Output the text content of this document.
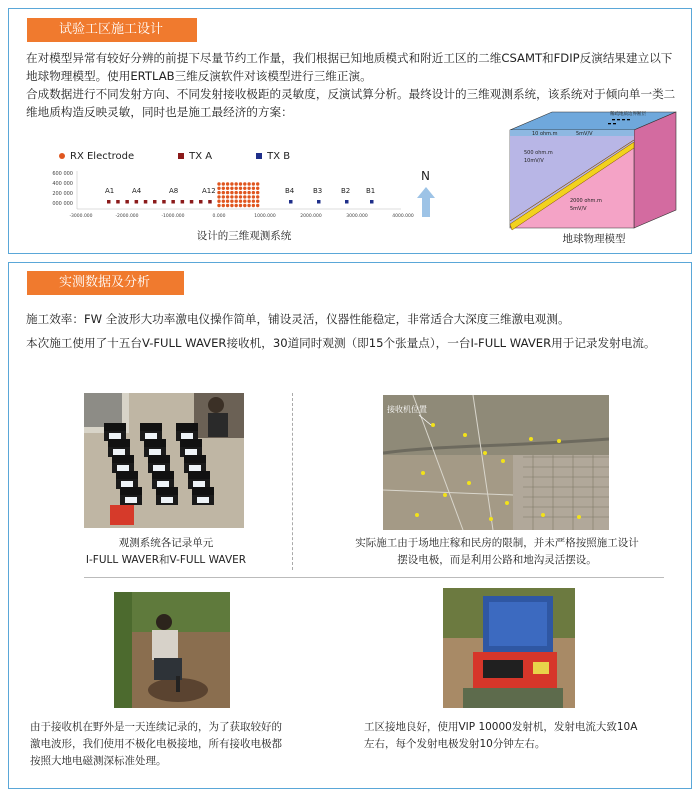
试验工区施工设计

在对模型异常有较好分辨的前提下尽量节约工作量，我们根据已知地质模式和附近工区的二维CSAMT和FDIP反演结果建立以下地球物理模型。使用ERTLAB三维反演软件对该模型进行三维正演。

合成数据进行不同发射方向、不同发射接收极距的灵敏度，反演试算分析。最终设计的三维观测系统，该系统对于倾向单一类二维地质构造反映灵敏，同时也是施工最经济的方案：

RX Electrode	TX A	TX B
600 000
400 000
200 000
000 000
-3000.000	-2000.000	-1000.000	0.000	1000.000	2000.000	3000.000	4000.000
A1	A4	A8	A12	B4	B3	B2 B1
N
设计的三维观测系统
稀疏地质边界断层
10 ohm.m	5mV/V
500 ohm.m
10mV/V
2000 ohm.m
5mV/V
地球物理模型
实测数据及分析

施工效率：FW 全波形大功率激电仪操作简单，铺设灵活，仪器性能稳定，非常适合大深度三维激电观测。

本次施工使用了十五台V-FULL WAVER接收机，30道同时观测（即15个张量点），一台I-FULL WAVER用于记录发射电流。

观测系统各记录单元
I-FULL WAVER和V-FULL WAVER
接收机位置
实际施工由于场地庄稼和民房的限制，并未严格按照施工设计
摆设电极，而是利用公路和地沟灵活摆设。
由于接收机在野外是一天连续记录的，为了获取较好的
激电波形，我们使用不极化电极接地，所有接收电极都
按照大地电磁测深标准处理。
工区接地良好，使用VIP 10000发射机，发射电流大致10A
左右，每个发射电极发射10分钟左右。
